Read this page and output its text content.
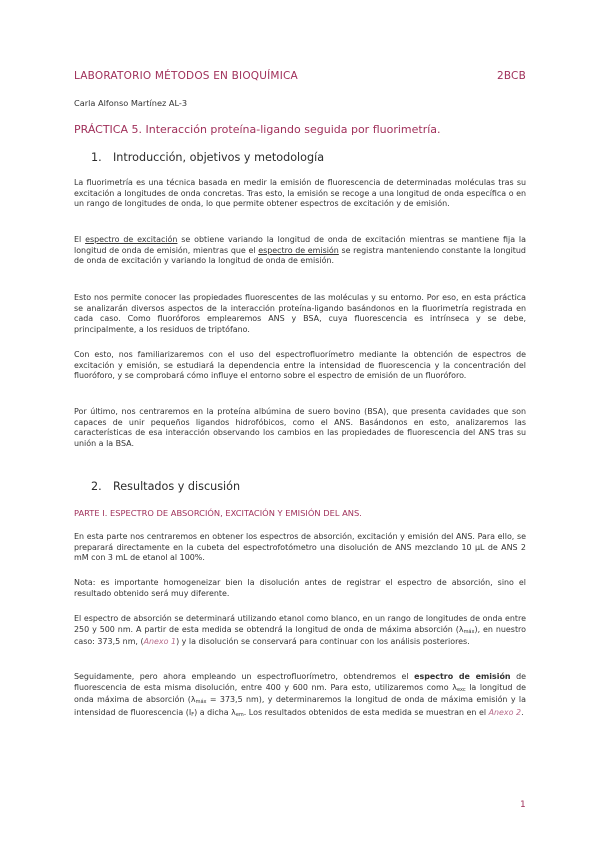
LABORATORIO MÉTODOS EN BIOQUÍMICA	2BCB
Carla Alfonso Martínez AL-3
PRÁCTICA 5. Interacción proteína-ligando seguida por fluorimetría.
1. Introducción, objetivos y metodología
La fluorimetría es una técnica basada en medir la emisión de fluorescencia de determinadas moléculas tras su excitación a longitudes de onda concretas. Tras esto, la emisión se recoge a una longitud de onda específica o en un rango de longitudes de onda, lo que permite obtener espectros de excitación y de emisión.
El espectro de excitación se obtiene variando la longitud de onda de excitación mientras se mantiene fija la longitud de onda de emisión, mientras que el espectro de emisión se registra manteniendo constante la longitud de onda de excitación y variando la longitud de onda de emisión.
Esto nos permite conocer las propiedades fluorescentes de las moléculas y su entorno. Por eso, en esta práctica se analizarán diversos aspectos de la interacción proteína-ligando basándonos en la fluorimetría registrada en cada caso. Como fluoróforos emplearemos ANS y BSA, cuya fluorescencia es intrínseca y se debe, principalmente, a los residuos de triptófano.
Con esto, nos familiarizaremos con el uso del espectrofluorímetro mediante la obtención de espectros de excitación y emisión, se estudiará la dependencia entre la intensidad de fluorescencia y la concentración del fluoróforo, y se comprobará cómo influye el entorno sobre el espectro de emisión de un fluoróforo.
Por último, nos centraremos en la proteína albúmina de suero bovino (BSA), que presenta cavidades que son capaces de unir pequeños ligandos hidrofóbicos, como el ANS. Basándonos en esto, analizaremos las características de esa interacción observando los cambios en las propiedades de fluorescencia del ANS tras su unión a la BSA.
2. Resultados y discusión
PARTE I. ESPECTRO DE ABSORCIÓN, EXCITACIÓN Y EMISIÓN DEL ANS.
En esta parte nos centraremos en obtener los espectros de absorción, excitación y emisión del ANS. Para ello, se preparará directamente en la cubeta del espectrofotómetro una disolución de ANS mezclando 10 µL de ANS 2 mM con 3 mL de etanol al 100%.
Nota: es importante homogeneizar bien la disolución antes de registrar el espectro de absorción, sino el resultado obtenido será muy diferente.
El espectro de absorción se determinará utilizando etanol como blanco, en un rango de longitudes de onda entre 250 y 500 nm. A partir de esta medida se obtendrá la longitud de onda de máxima absorción $(\lambda_{máx})$, en nuestro caso: 373,5 nm, (Anexo 1) y la disolución se conservará para continuar con los análisis posteriores.
Seguidamente, pero ahora empleando un espectrofluorímetro, obtendremos el espectro de emisión de fluorescencia de esta misma disolución, entre 400 y 600 nm. Para esto, utilizaremos como $\lambda_{exc}$ la longitud de onda máxima de absorción ($\lambda_{máx} = 373,5$ nm), y determinaremos la longitud de onda de máxima emisión y la intensidad de fluorescencia $(I_F)$ a dicha $\lambda_{em}$. Los resultados obtenidos de esta medida se muestran en el Anexo 2.
1
